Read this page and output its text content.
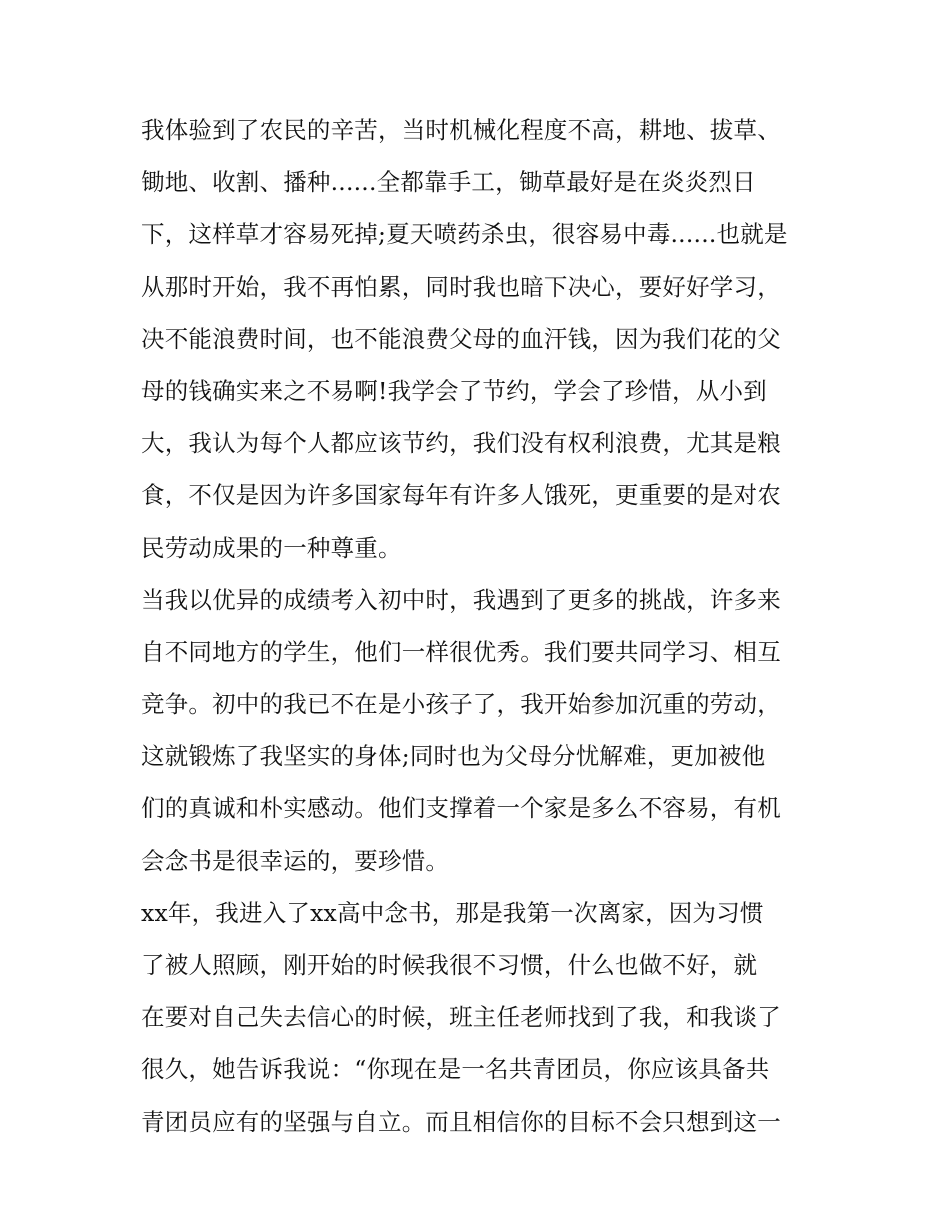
我体验到了农民的辛苦，当时机械化程度不高，耕地、拔草、
锄地、收割、播种......全都靠手工，锄草最好是在炎炎烈日
下，这样草才容易死掉;夏天喷药杀虫，很容易中毒......也就是
从那时开始，我不再怕累，同时我也暗下决心，要好好学习，
决不能浪费时间，也不能浪费父母的血汗钱，因为我们花的父
母的钱确实来之不易啊!我学会了节约，学会了珍惜，从小到
大，我认为每个人都应该节约，我们没有权利浪费，尤其是粮
食，不仅是因为许多国家每年有许多人饿死，更重要的是对农
民劳动成果的一种尊重。
当我以优异的成绩考入初中时，我遇到了更多的挑战，许多来
自不同地方的学生，他们一样很优秀。我们要共同学习、相互
竞争。初中的我已不在是小孩子了，我开始参加沉重的劳动，
这就锻炼了我坚实的身体;同时也为父母分忧解难，更加被他
们的真诚和朴实感动。他们支撑着一个家是多么不容易，有机
会念书是很幸运的，要珍惜。
xx年，我进入了xx高中念书，那是我第一次离家，因为习惯
了被人照顾，刚开始的时候我很不习惯，什么也做不好，就
在要对自己失去信心的时候，班主任老师找到了我，和我谈了
很久，她告诉我说：“你现在是一名共青团员，你应该具备共
青团员应有的坚强与自立。而且相信你的目标不会只想到这一
